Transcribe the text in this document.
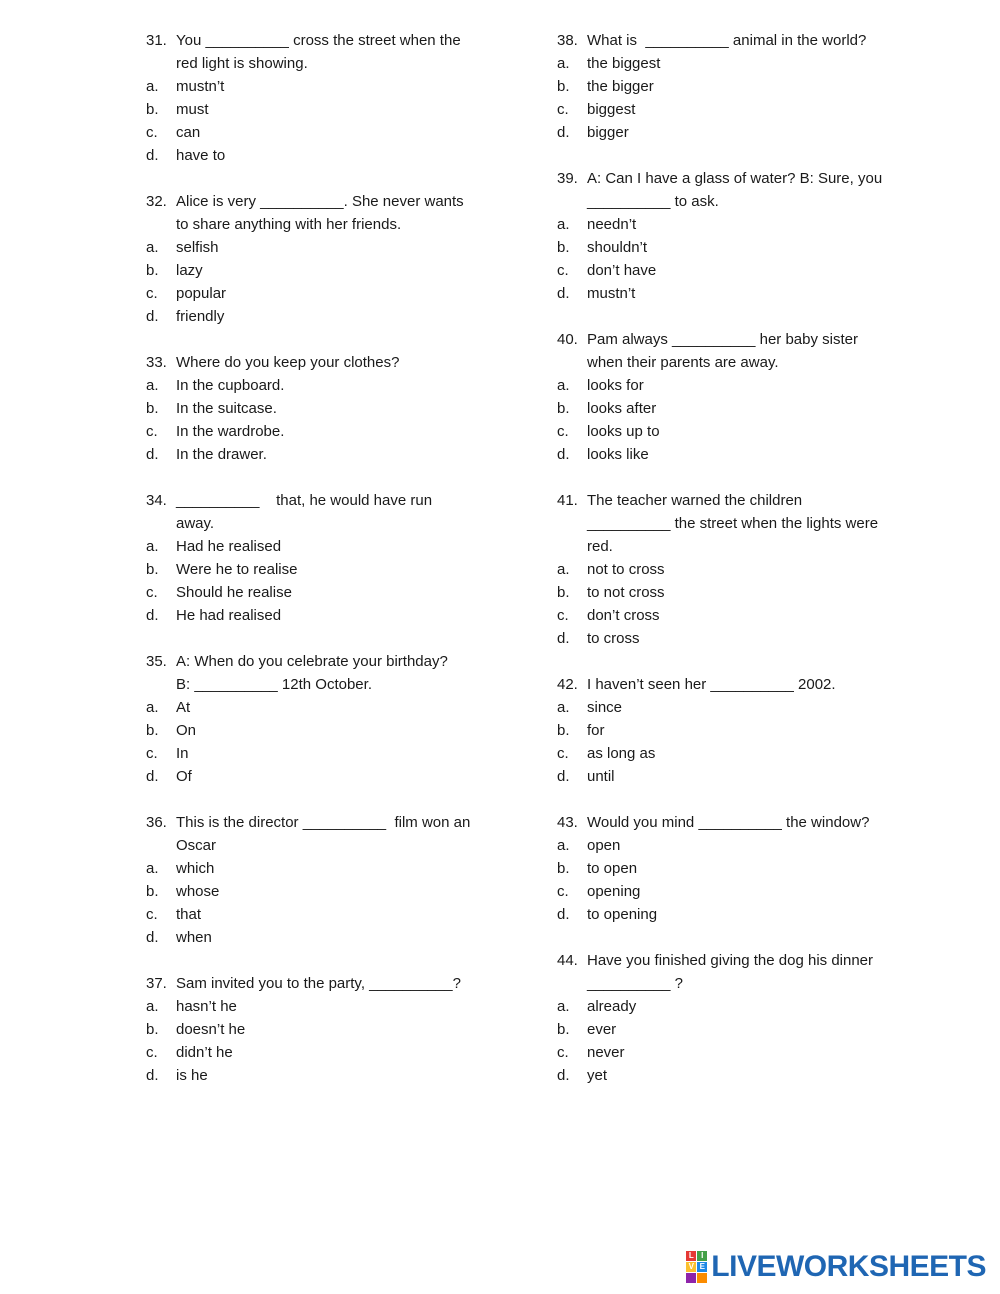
31. You __________ cross the street when the
red light is showing.
a.	mustn’t
b.	must
c.	can
d.	have to
32. Alice is very __________. She never wants
to share anything with her friends.
a.	selfish
b.	lazy
c.	popular
d.	friendly
33. Where do you keep your clothes?
a.	In the cupboard.
b.	In the suitcase.
c.	In the wardrobe.
d.	In the drawer.
34. __________    that, he would have run
away.
a.	Had he realised
b.	Were he to realise
c.	Should he realise
d.	He had realised
35. A: When do you celebrate your birthday?
B: __________ 12th October.
a.	At
b.	On
c.	In
d.	Of
36. This is the director __________  film won an
Oscar
a.	which
b.	whose
c.	that
d.	when
37. Sam invited you to the party, __________?
a.	hasn’t he
b.	doesn’t he
c.	didn’t he
d.	is he
38. What is  __________ animal in the world?
a.	the biggest
b.	the bigger
c.	biggest
d.	bigger
39. A: Can I have a glass of water? B: Sure, you
__________ to ask.
a.	needn’t
b.	shouldn’t
c.	don’t have
d.	mustn’t
40. Pam always __________ her baby sister
when their parents are away.
a.	looks for
b.	looks after
c.	looks up to
d.	looks like
41. The teacher warned the children
__________ the street when the lights were
red.
a.	not to cross
b.	to not cross
c.	don’t cross
d.	to cross
42. I haven’t seen her __________ 2002.
a.	since
b.	for
c.	as long as
d.	until
43. Would you mind __________ the window?
a.	open
b.	to open
c.	opening
d.	to opening
44. Have you finished giving the dog his dinner
__________ ?
a.	already
b.	ever
c.	never
d.	yet
L I
V E LIVEWORKSHEETS
